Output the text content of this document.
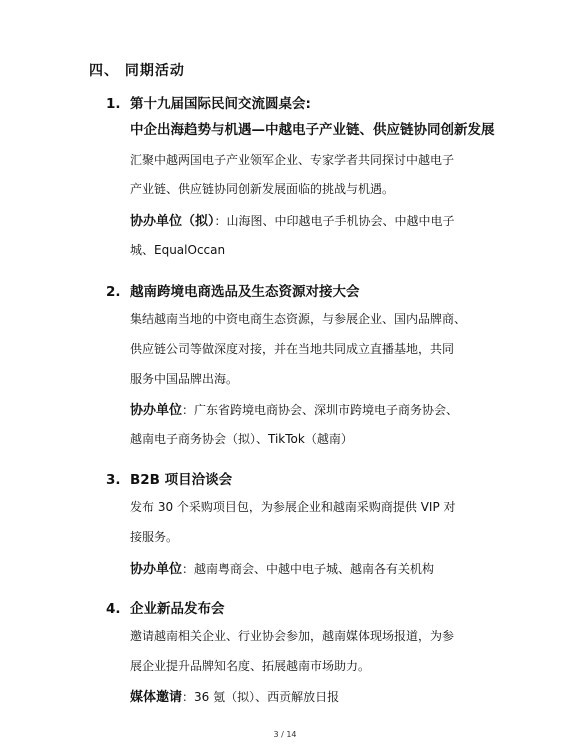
四、 同期活动
1. 第十九届国际民间交流圆桌会:
中企出海趋势与机遇—中越电子产业链、供应链协同创新发展
汇聚中越两国电子产业领军企业、专家学者共同探讨中越电子
产业链、供应链协同创新发展面临的挑战与机遇。
协办单位（拟）：山海图、中印越电子手机协会、中越中电子
城、EqualOccan
2. 越南跨境电商选品及生态资源对接大会
集结越南当地的中资电商生态资源，与参展企业、国内品牌商、
供应链公司等做深度对接，并在当地共同成立直播基地，共同
服务中国品牌出海。
协办单位：广东省跨境电商协会、深圳市跨境电子商务协会、
越南电子商务协会（拟）、TikTok（越南）
3. B2B 项目洽谈会
发布 30 个采购项目包，为参展企业和越南采购商提供 VIP 对
接服务。
协办单位：越南粤商会、中越中电子城、越南各有关机构
4. 企业新品发布会
邀请越南相关企业、行业协会参加，越南媒体现场报道，为参
展企业提升品牌知名度、拓展越南市场助力。
媒体邀请：36 氪（拟）、西贡解放日报
3 / 14
